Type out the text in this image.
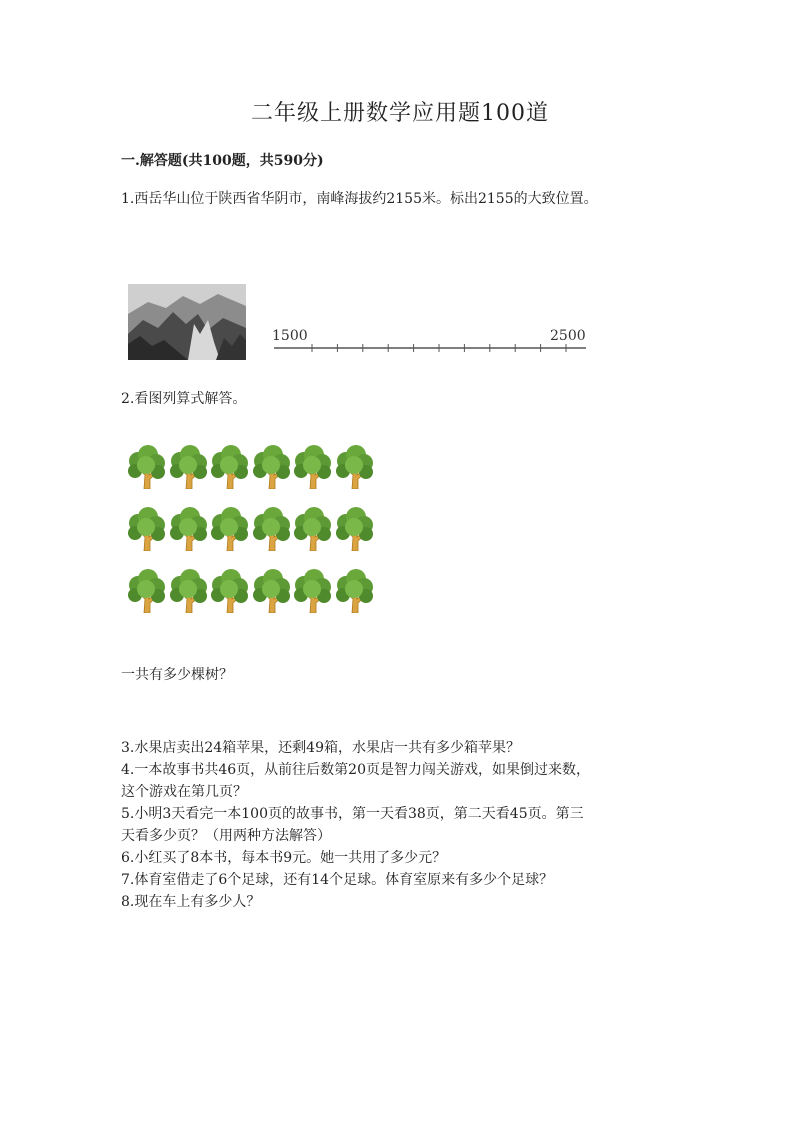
二年级上册数学应用题100道
一.解答题(共100题，共590分)
1.西岳华山位于陕西省华阴市，南峰海拔约2155米。标出2155的大致位置。
1500	2500
2.看图列算式解答。
一共有多少棵树？
3.水果店卖出24箱苹果，还剩49箱，水果店一共有多少箱苹果？
4.一本故事书共46页，从前往后数第20页是智力闯关游戏，如果倒过来数，
这个游戏在第几页？
5.小明3天看完一本100页的故事书，第一天看38页，第二天看45页。第三
天看多少页？（用两种方法解答）
6.小红买了8本书，每本书9元。她一共用了多少元？
7.体育室借走了6个足球，还有14个足球。体育室原来有多少个足球？
8.现在车上有多少人？
